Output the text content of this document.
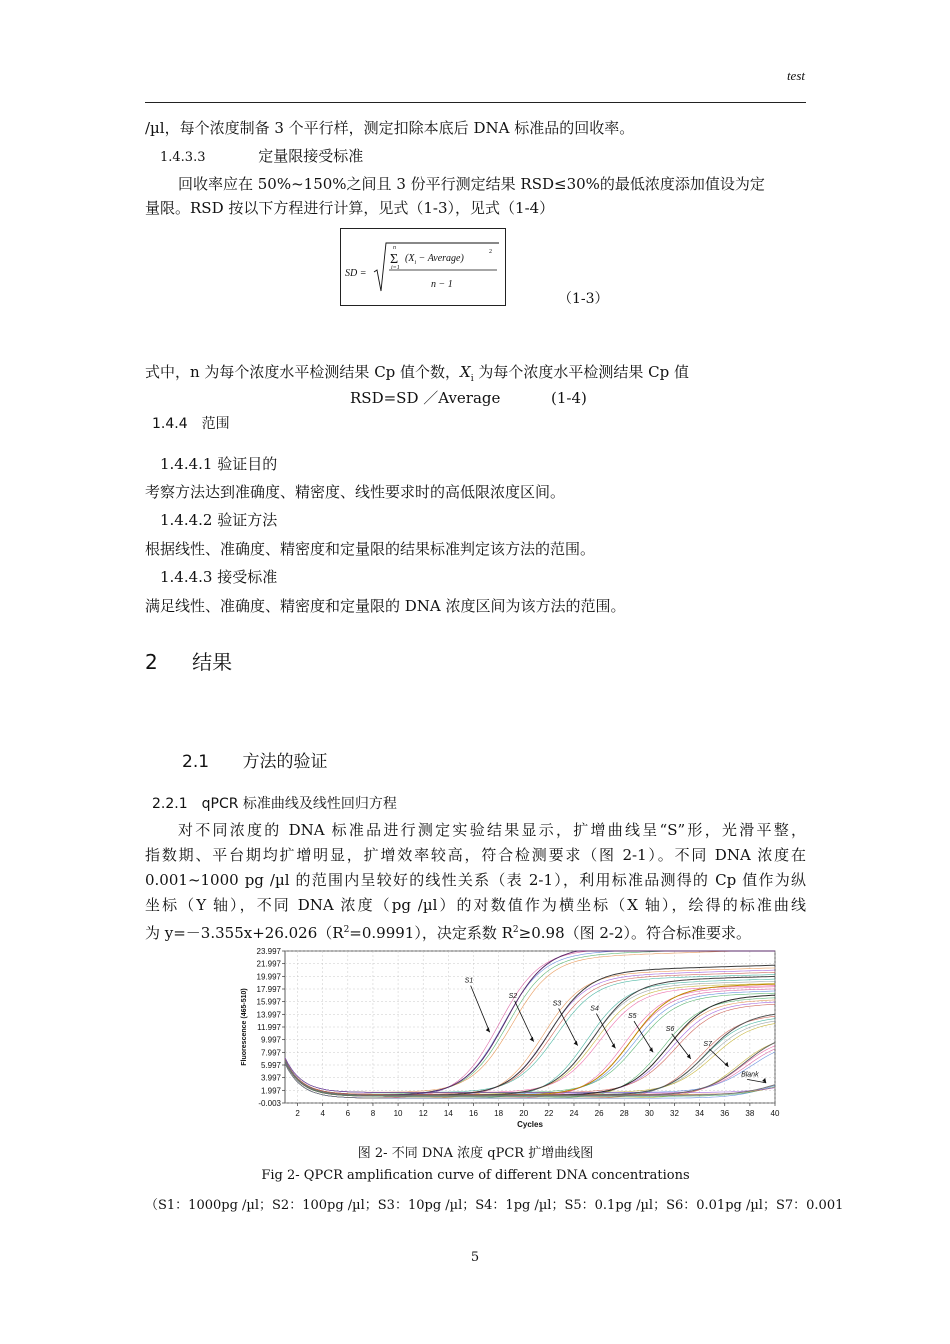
test
/µl，每个浓度制备 3 个平行样，测定扣除本底后 DNA 标准品的回收率。
1.4.3.3	定量限接受标准
回收率应在 50%~150%之间且 3 份平行测定结果 RSD≤30%的最低浓度添加值设为定
量限。RSD 按以下方程进行计算，见式（1-3），见式（1-4）
SD =
Σ
n
i=1
($X_i$ − Average)
2
n − 1
（1-3）
式中，n 为每个浓度水平检测结果 Cp 值个数，$X_i$ 为每个浓度水平检测结果 Cp 值
RSD=SD ／Average	(1-4)
1.4.4　范围
1.4.4.1 验证目的
考察方法达到准确度、精密度、线性要求时的高低限浓度区间。
1.4.4.2 验证方法
根据线性、准确度、精密度和定量限的结果标准判定该方法的范围。
1.4.4.3 接受标准
满足线性、准确度、精密度和定量限的 DNA 浓度区间为该方法的范围。
2 结果
2.1 方法的验证
2.2.1　qPCR 标准曲线及线性回归方程
对不同浓度的 DNA 标准品进行测定实验结果显示，扩增曲线呈“S”形，光滑平整，
指数期、平台期均扩增明显，扩增效率较高，符合检测要求（图 2-1）。不同 DNA 浓度在
0.001~1000 pg /µl 的范围内呈较好的线性关系（表 2-1），利用标准品测得的 Cp 值作为纵
坐标（Y 轴），不同 DNA 浓度（pg /µl）的对数值作为横坐标（X 轴），绘得的标准曲线
为 $y=-3.355x+26.026(R^2=0.9991)$，决定系数 $R^2\ge 0.98$（图 2-2）。符合标准要求。
23.997
21.997
19.997
17.997
15.997
13.997
11.997
9.997
7.997
5.997
3.997
1.997
-0.003
2	4	6	8 10 12 14 16 18 20 22 24 26 28 30 32 34 36 38 40
Cycles
Fluorescence (465-510)
S1
S2
S3
S4
S5
S6
S7
Blank
图 2- 不同 DNA 浓度 qPCR 扩增曲线图
Fig 2- QPCR amplification curve of different DNA concentrations
（S1：1000pg /µl；S2：100pg /µl；S3：10pg /µl；S4：1pg /µl；S5：0.1pg /µl；S6：0.01pg /µl；S7：0.001
5
